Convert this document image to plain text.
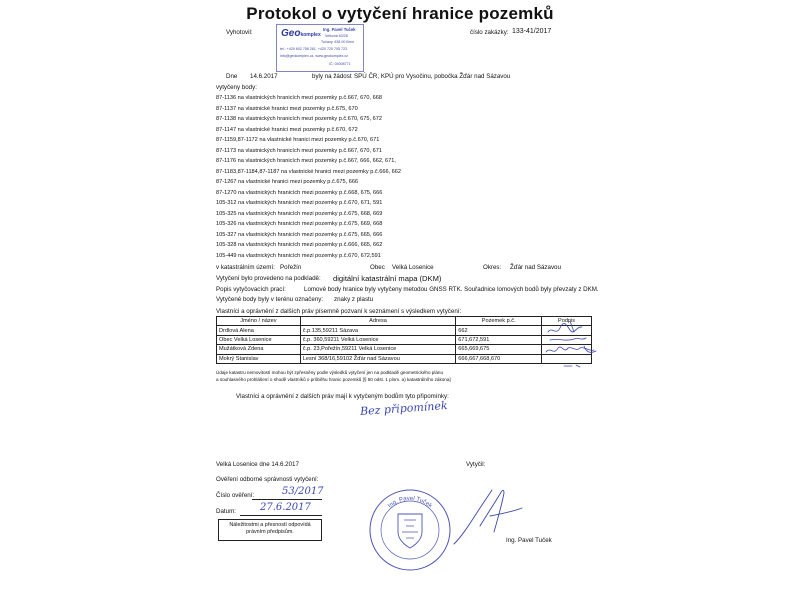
Protokol o vytyčení hranice pozemků
Vyhotovil:	číslo zakázky: 133-41/2017
Geokomplex
Ing. Pavel Tuček
Velkoná 63/28
Tučany, 638 00 Brno
tel.: +420 602 758 261, +420 725 705 723
info@geokomplex.cz, www.geokomplex.cz
IČ: 04008771
Dne 14.6.2017	byly na žádost SPÚ ČR, KPÚ pro Vysočinu, pobočka Žďár nad Sázavou
vytyčeny body:
87-1136 na vlastnických hranicích mezi pozemky p.č.667, 670, 668
87-1137 na vlastnické hranici mezi pozemky p.č.675, 670
87-1138 na vlastnických hranicích mezi pozemky p.č.670, 675, 672
87-1147 na vlastnické hranici mezi pozemky p.č.670, 672
87-1159,87-1172 na vlastnické hranici mezi pozemky p.č.670, 671
87-1173 na vlastnických hranicích mezi pozemky p.č.667, 670, 671
87-1176 na vlastnických hranicích mezi pozemky p.č.667, 666, 662, 671,
87-1183,87-1184,87-1187 na vlastnické hranici mezi pozemky p.č.666, 662
87-1267 na vlastnické hranici mezi pozemky p.č.675, 666
87-1270 na vlastnických hranicích mezi pozemky p.č.668, 675, 666
105-312 na vlastnických hranicích mezi pozemky p.č.670, 671, 591
105-325 na vlastnických hranicích mezi pozemky p.č.675, 668, 669
105-326 na vlastnických hranicích mezi pozemky p.č.675, 669, 668
105-327 na vlastnických hranicích mezi pozemky p.č.675, 665, 666
105-328 na vlastnických hranicích mezi pozemky p.č.666, 665, 662
105-449 na vlastnických hranicích mezi pozemky p.č.670, 672,591
v katastrálním území: Pořežín	Obec Velká Losenice	Okres: Žďár nad Sázavou
Vytyčení bylo provedeno na podkladě: digitální katastrální mapa (DKM)
Popis vytyčovacích prací:	Lomové body hranice byly vytyčeny metodou GNSS RTK. Souřadnice lomových bodů byly převzaty z DKM.
Vytyčené body byly v terénu označeny: znaky z plastu
Vlastníci a oprávnění z dalších práv písemně pozvaní k seznámení s výsledkem vytyčení:
Jméno / název	Adresa	Pozemek p.č.	Podpis
Drdlová Alena	č.p.135,59211 Sázava	662	
Obec Velká Losenice	č.p. 360,59211 Velká Losenice	671,672,591	
Mužátková Zdena	č.p. 23,Pořežín,59211 Velká Losenice	665,669,675	
Mokrý Stanislav	Lesní 368/16,59102 Žďár nad Sázavou	666,667,668,670	
Údaje katastru nemovitostí mohou být zpřesněny podle výsledků vytyčení jen na podkladě geometrického plánu
a souhlasného prohlášení o shodě vlastníků o průběhu hranic pozemků [§ 50 odst. 1 písm. a) katastrálního zákona]
Vlastníci a oprávnění z dalších práv mají k vytyčeným bodům tyto připomínky:
Bez připomínek
Velká Losenice dne 14.6.2017	Vytyčil:
Ověření odborné správnosti vytyčení:
Číslo ověření:	53/2017
Datum: 27.6.2017
Náležitostmi a přesností odpovídá
právním předpisům.
Ing. Pavel Tuček
Ing. Pavel Tuček
